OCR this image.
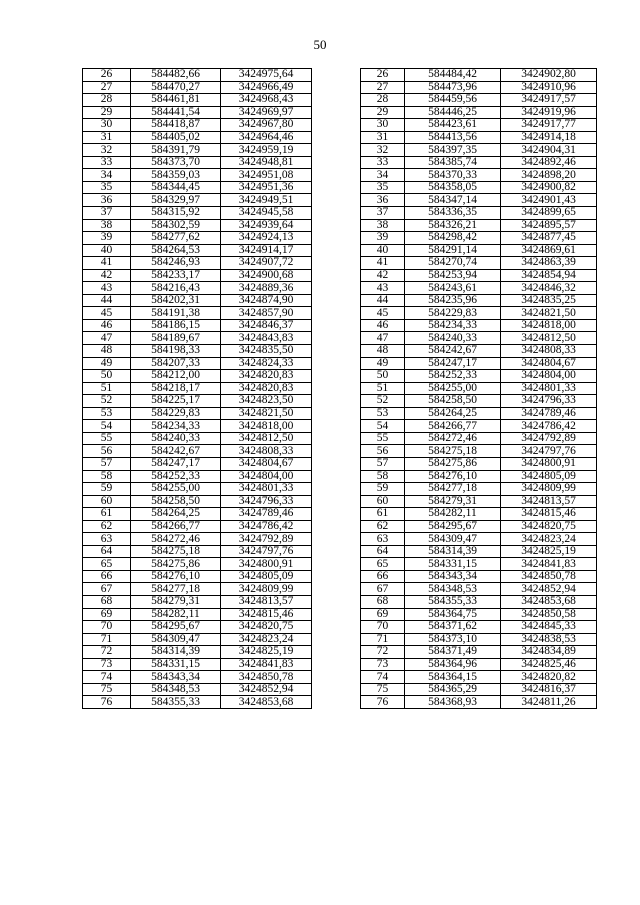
50
26	584482,66	3424975,64		26	584484,42	3424902,80
27	584470,27	3424966,49		27	584473,96	3424910,96
28	584461,81	3424968,43		28	584459,56	3424917,57
29	584441,54	3424969,97		29	584446,25	3424919,96
30	584418,87	3424967,80		30	584423,61	3424917,77
31	584405,02	3424964,46		31	584413,56	3424914,18
32	584391,79	3424959,19		32	584397,35	3424904,31
33	584373,70	3424948,81		33	584385,74	3424892,46
34	584359,03	3424951,08		34	584370,33	3424898,20
35	584344,45	3424951,36		35	584358,05	3424900,82
36	584329,97	3424949,51		36	584347,14	3424901,43
37	584315,92	3424945,58		37	584336,35	3424899,65
38	584302,59	3424939,64		38	584326,21	3424895,57
39	584277,62	3424924,13		39	584298,42	3424877,45
40	584264,53	3424914,17		40	584291,14	3424869,61
41	584246,93	3424907,72		41	584270,74	3424863,39
42	584233,17	3424900,68		42	584253,94	3424854,94
43	584216,43	3424889,36		43	584243,61	3424846,32
44	584202,31	3424874,90		44	584235,96	3424835,25
45	584191,38	3424857,90		45	584229,83	3424821,50
46	584186,15	3424846,37		46	584234,33	3424818,00
47	584189,67	3424843,83		47	584240,33	3424812,50
48	584198,33	3424835,50		48	584242,67	3424808,33
49	584207,33	3424824,33		49	584247,17	3424804,67
50	584212,00	3424820,83		50	584252,33	3424804,00
51	584218,17	3424820,83		51	584255,00	3424801,33
52	584225,17	3424823,50		52	584258,50	3424796,33
53	584229,83	3424821,50		53	584264,25	3424789,46
54	584234,33	3424818,00		54	584266,77	3424786,42
55	584240,33	3424812,50		55	584272,46	3424792,89
56	584242,67	3424808,33		56	584275,18	3424797,76
57	584247,17	3424804,67		57	584275,86	3424800,91
58	584252,33	3424804,00		58	584276,10	3424805,09
59	584255,00	3424801,33		59	584277,18	3424809,99
60	584258,50	3424796,33		60	584279,31	3424813,57
61	584264,25	3424789,46		61	584282,11	3424815,46
62	584266,77	3424786,42		62	584295,67	3424820,75
63	584272,46	3424792,89		63	584309,47	3424823,24
64	584275,18	3424797,76		64	584314,39	3424825,19
65	584275,86	3424800,91		65	584331,15	3424841,83
66	584276,10	3424805,09		66	584343,34	3424850,78
67	584277,18	3424809,99		67	584348,53	3424852,94
68	584279,31	3424813,57		68	584355,33	3424853,68
69	584282,11	3424815,46		69	584364,75	3424850,58
70	584295,67	3424820,75		70	584371,62	3424845,33
71	584309,47	3424823,24		71	584373,10	3424838,53
72	584314,39	3424825,19		72	584371,49	3424834,89
73	584331,15	3424841,83		73	584364,96	3424825,46
74	584343,34	3424850,78		74	584364,15	3424820,82
75	584348,53	3424852,94		75	584365,29	3424816,37
76	584355,33	3424853,68		76	584368,93	3424811,26
